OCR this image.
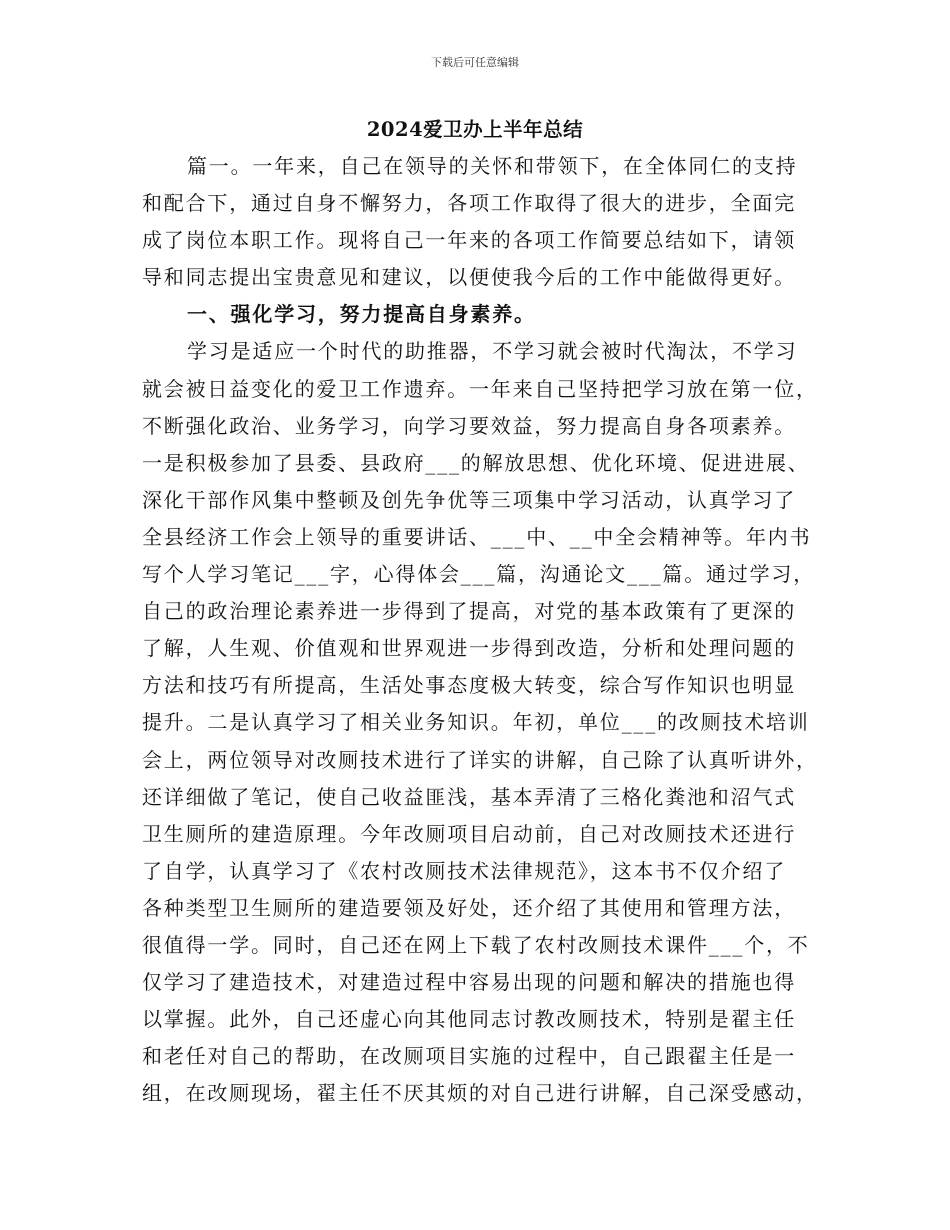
下载后可任意编辑
2024爱卫办上半年总结
篇一。一年来，自己在领导的关怀和带领下，在全体同仁的支持
和配合下，通过自身不懈努力，各项工作取得了很大的进步，全面完
成了岗位本职工作。现将自己一年来的各项工作简要总结如下，请领
导和同志提出宝贵意见和建议，以便使我今后的工作中能做得更好。
一、强化学习，努力提高自身素养。
学习是适应一个时代的助推器，不学习就会被时代淘汰，不学习
就会被日益变化的爱卫工作遗弃。一年来自己坚持把学习放在第一位，
不断强化政治、业务学习，向学习要效益，努力提高自身各项素养。
一是积极参加了县委、县政府___的解放思想、优化环境、促进进展、
深化干部作风集中整顿及创先争优等三项集中学习活动，认真学习了
全县经济工作会上领导的重要讲话、___中、__中全会精神等。年内书
写个人学习笔记___字，心得体会___篇，沟通论文___篇。通过学习，
自己的政治理论素养进一步得到了提高，对党的基本政策有了更深的
了解，人生观、价值观和世界观进一步得到改造，分析和处理问题的
方法和技巧有所提高，生活处事态度极大转变，综合写作知识也明显
提升。二是认真学习了相关业务知识。年初，单位___的改厕技术培训
会上，两位领导对改厕技术进行了详实的讲解，自己除了认真听讲外，
还详细做了笔记，使自己收益匪浅，基本弄清了三格化粪池和沼气式
卫生厕所的建造原理。今年改厕项目启动前，自己对改厕技术还进行
了自学，认真学习了《农村改厕技术法律规范》，这本书不仅介绍了
各种类型卫生厕所的建造要领及好处，还介绍了其使用和管理方法，
很值得一学。同时，自己还在网上下载了农村改厕技术课件___个，不
仅学习了建造技术，对建造过程中容易出现的问题和解决的措施也得
以掌握。此外，自己还虚心向其他同志讨教改厕技术，特别是翟主任
和老任对自己的帮助，在改厕项目实施的过程中，自己跟翟主任是一
组，在改厕现场，翟主任不厌其烦的对自己进行讲解，自己深受感动，
